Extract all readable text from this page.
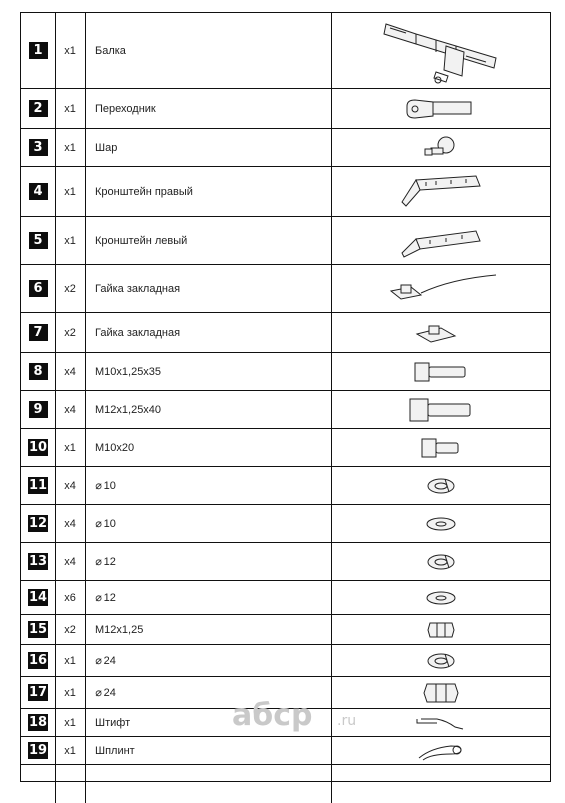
1	x1	Балка
2	x1	Переходник
3	x1	Шар
4	x1	Кронштейн правый
5	x1	Кронштейн левый
6	x2	Гайка закладная
7	x2	Гайка закладная
8	x4	М10х1,25х35
9	x4	М12х1,25х40
10	x1	М10х20
11	x4	⌀ 10
12	x4	⌀ 10
13	x4	⌀ 12
14	x6	⌀ 12
15	x2	М12х1,25
16	x1	⌀ 24
17	x1	⌀ 24
18	x1	Штифт
19	x1	Шплинт
aбcp .ru
